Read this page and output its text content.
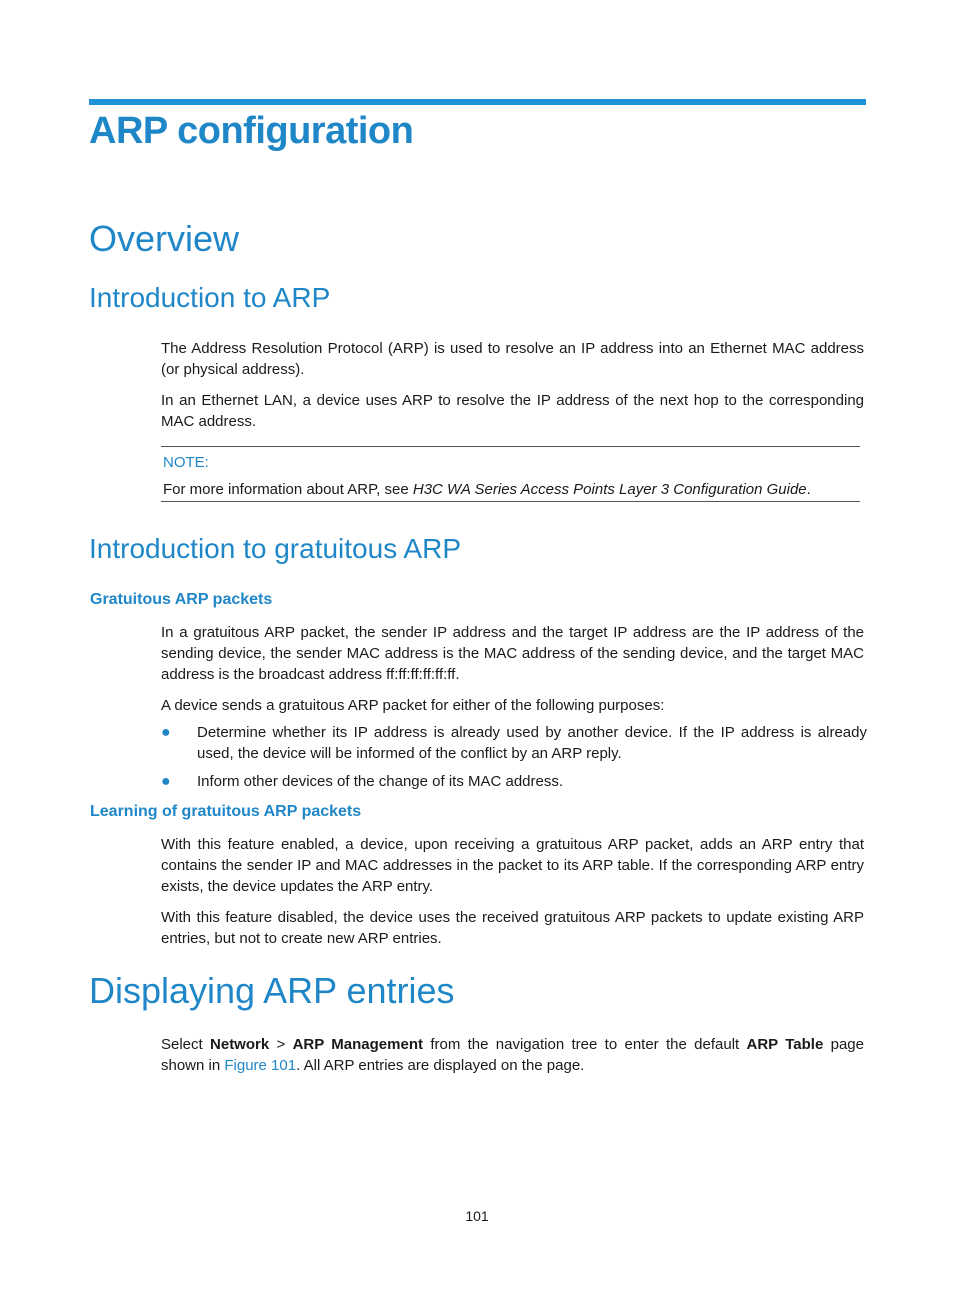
ARP configuration
Overview
Introduction to ARP

The Address Resolution Protocol (ARP) is used to resolve an IP address into an Ethernet MAC address (or physical address).

In an Ethernet LAN, a device uses ARP to resolve the IP address of the next hop to the corresponding MAC address.

NOTE:
For more information about ARP, see H3C WA Series Access Points Layer 3 Configuration Guide.
Introduction to gratuitous ARP
Gratuitous ARP packets

In a gratuitous ARP packet, the sender IP address and the target IP address are the IP address of the sending device, the sender MAC address is the MAC address of the sending device, and the target MAC address is the broadcast address ff:ff:ff:ff:ff:ff.

A device sends a gratuitous ARP packet for either of the following purposes:

● Determine whether its IP address is already used by another device. If the IP address is already used, the device will be informed of the conflict by an ARP reply.
● Inform other devices of the change of its MAC address.
Learning of gratuitous ARP packets

With this feature enabled, a device, upon receiving a gratuitous ARP packet, adds an ARP entry that contains the sender IP and MAC addresses in the packet to its ARP table. If the corresponding ARP entry exists, the device updates the ARP entry.

With this feature disabled, the device uses the received gratuitous ARP packets to update existing ARP entries, but not to create new ARP entries.

Displaying ARP entries

Select Network > ARP Management from the navigation tree to enter the default ARP Table page shown in Figure 101. All ARP entries are displayed on the page.

101
